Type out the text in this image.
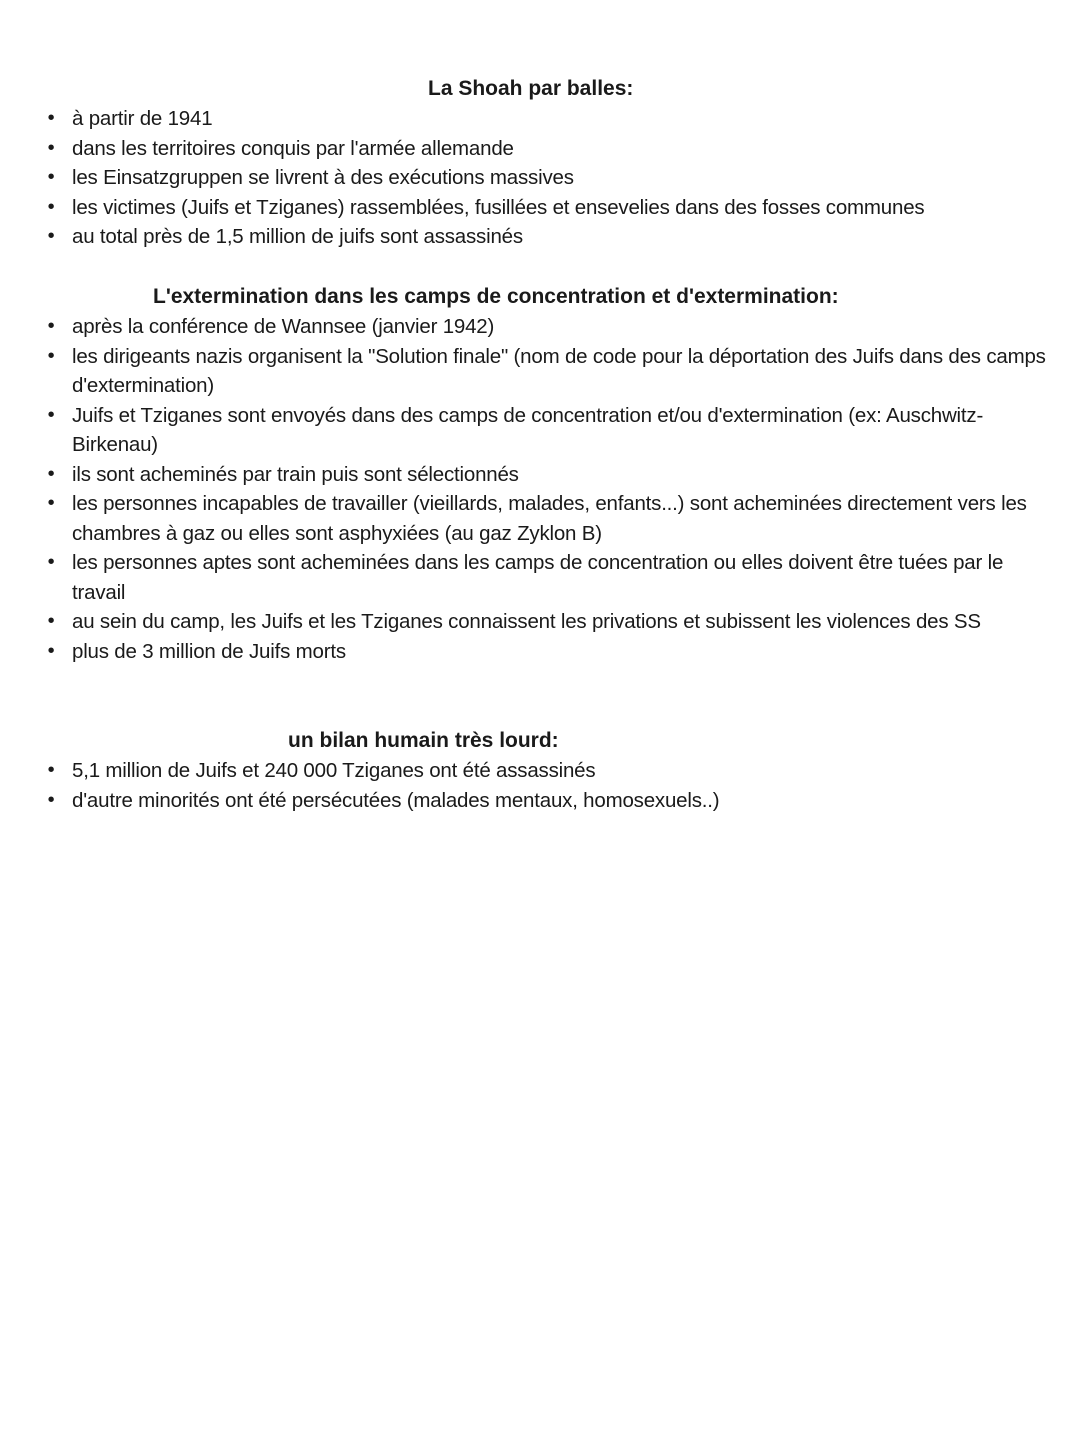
La Shoah par balles:
• à partir de 1941
• dans les territoires conquis par l'armée allemande
• les Einsatzgruppen se livrent à des exécutions massives
• les victimes (Juifs et Tziganes) rassemblées, fusillées et ensevelies dans des fosses communes
• au total près de 1,5 million de juifs sont assassinés
L'extermination dans les camps de concentration et d'extermination:
• après la conférence de Wannsee (janvier 1942)
• les dirigeants nazis organisent la "Solution finale" (nom de code pour la déportation des Juifs dans des camps d'extermination)
• Juifs et Tziganes sont envoyés dans des camps de concentration et/ou d'extermination (ex: Auschwitz-Birkenau)
• ils sont acheminés par train puis sont sélectionnés
• les personnes incapables de travailler (vieillards, malades, enfants...) sont acheminées directement vers les chambres à gaz ou elles sont asphyxiées (au gaz Zyklon B)
• les personnes aptes sont acheminées dans les camps de concentration ou elles doivent être tuées par le travail
• au sein du camp, les Juifs et les Tziganes connaissent les privations et subissent les violences des SS
• plus de 3 million de Juifs morts
un bilan humain très lourd:
• 5,1 million de Juifs et 240 000 Tziganes ont été assassinés
• d'autre minorités ont été persécutées (malades mentaux, homosexuels..)
